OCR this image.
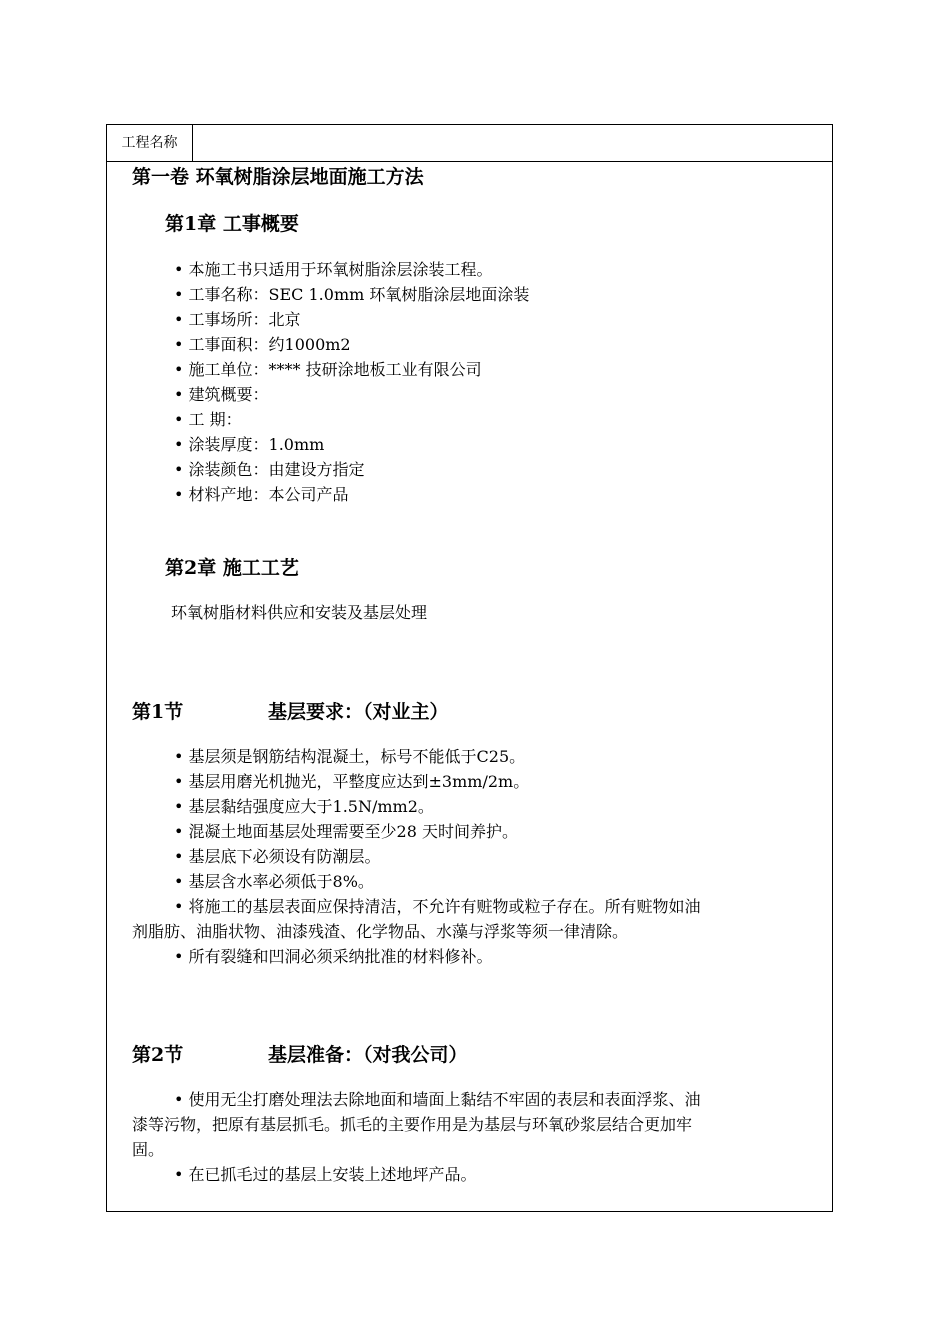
工程名称
第一卷 环氧树脂涂层地面施工方法
第1章 工事概要
• 本施工书只适用于环氧树脂涂层涂装工程。
• 工事名称：SEC 1.0mm 环氧树脂涂层地面涂装
• 工事场所：北京
• 工事面积：约1000m2
• 施工单位：**** 技研涂地板工业有限公司
• 建筑概要：
• 工 期：
• 涂装厚度：1.0mm
• 涂装颜色：由建设方指定
• 材料产地：本公司产品
第2章 施工工艺
环氧树脂材料供应和安装及基层处理
第1节	基层要求：（对业主）
• 基层须是钢筋结构混凝土，标号不能低于C25。
• 基层用磨光机抛光，平整度应达到±3mm/2m。
• 基层黏结强度应大于1.5N/mm2。
• 混凝土地面基层处理需要至少28 天时间养护。
• 基层底下必须设有防潮层。
• 基层含水率必须低于8%。
• 将施工的基层表面应保持清洁，不允许有赃物或粒子存在。所有赃物如油
剂脂肪、油脂状物、油漆残渣、化学物品、水藻与浮浆等须一律清除。
• 所有裂缝和凹洞必须采纳批准的材料修补。
第2节	基层准备：（对我公司）
• 使用无尘打磨处理法去除地面和墙面上黏结不牢固的表层和表面浮浆、油
漆等污物，把原有基层抓毛。抓毛的主要作用是为基层与环氧砂浆层结合更加牢
固。
• 在已抓毛过的基层上安装上述地坪产品。
